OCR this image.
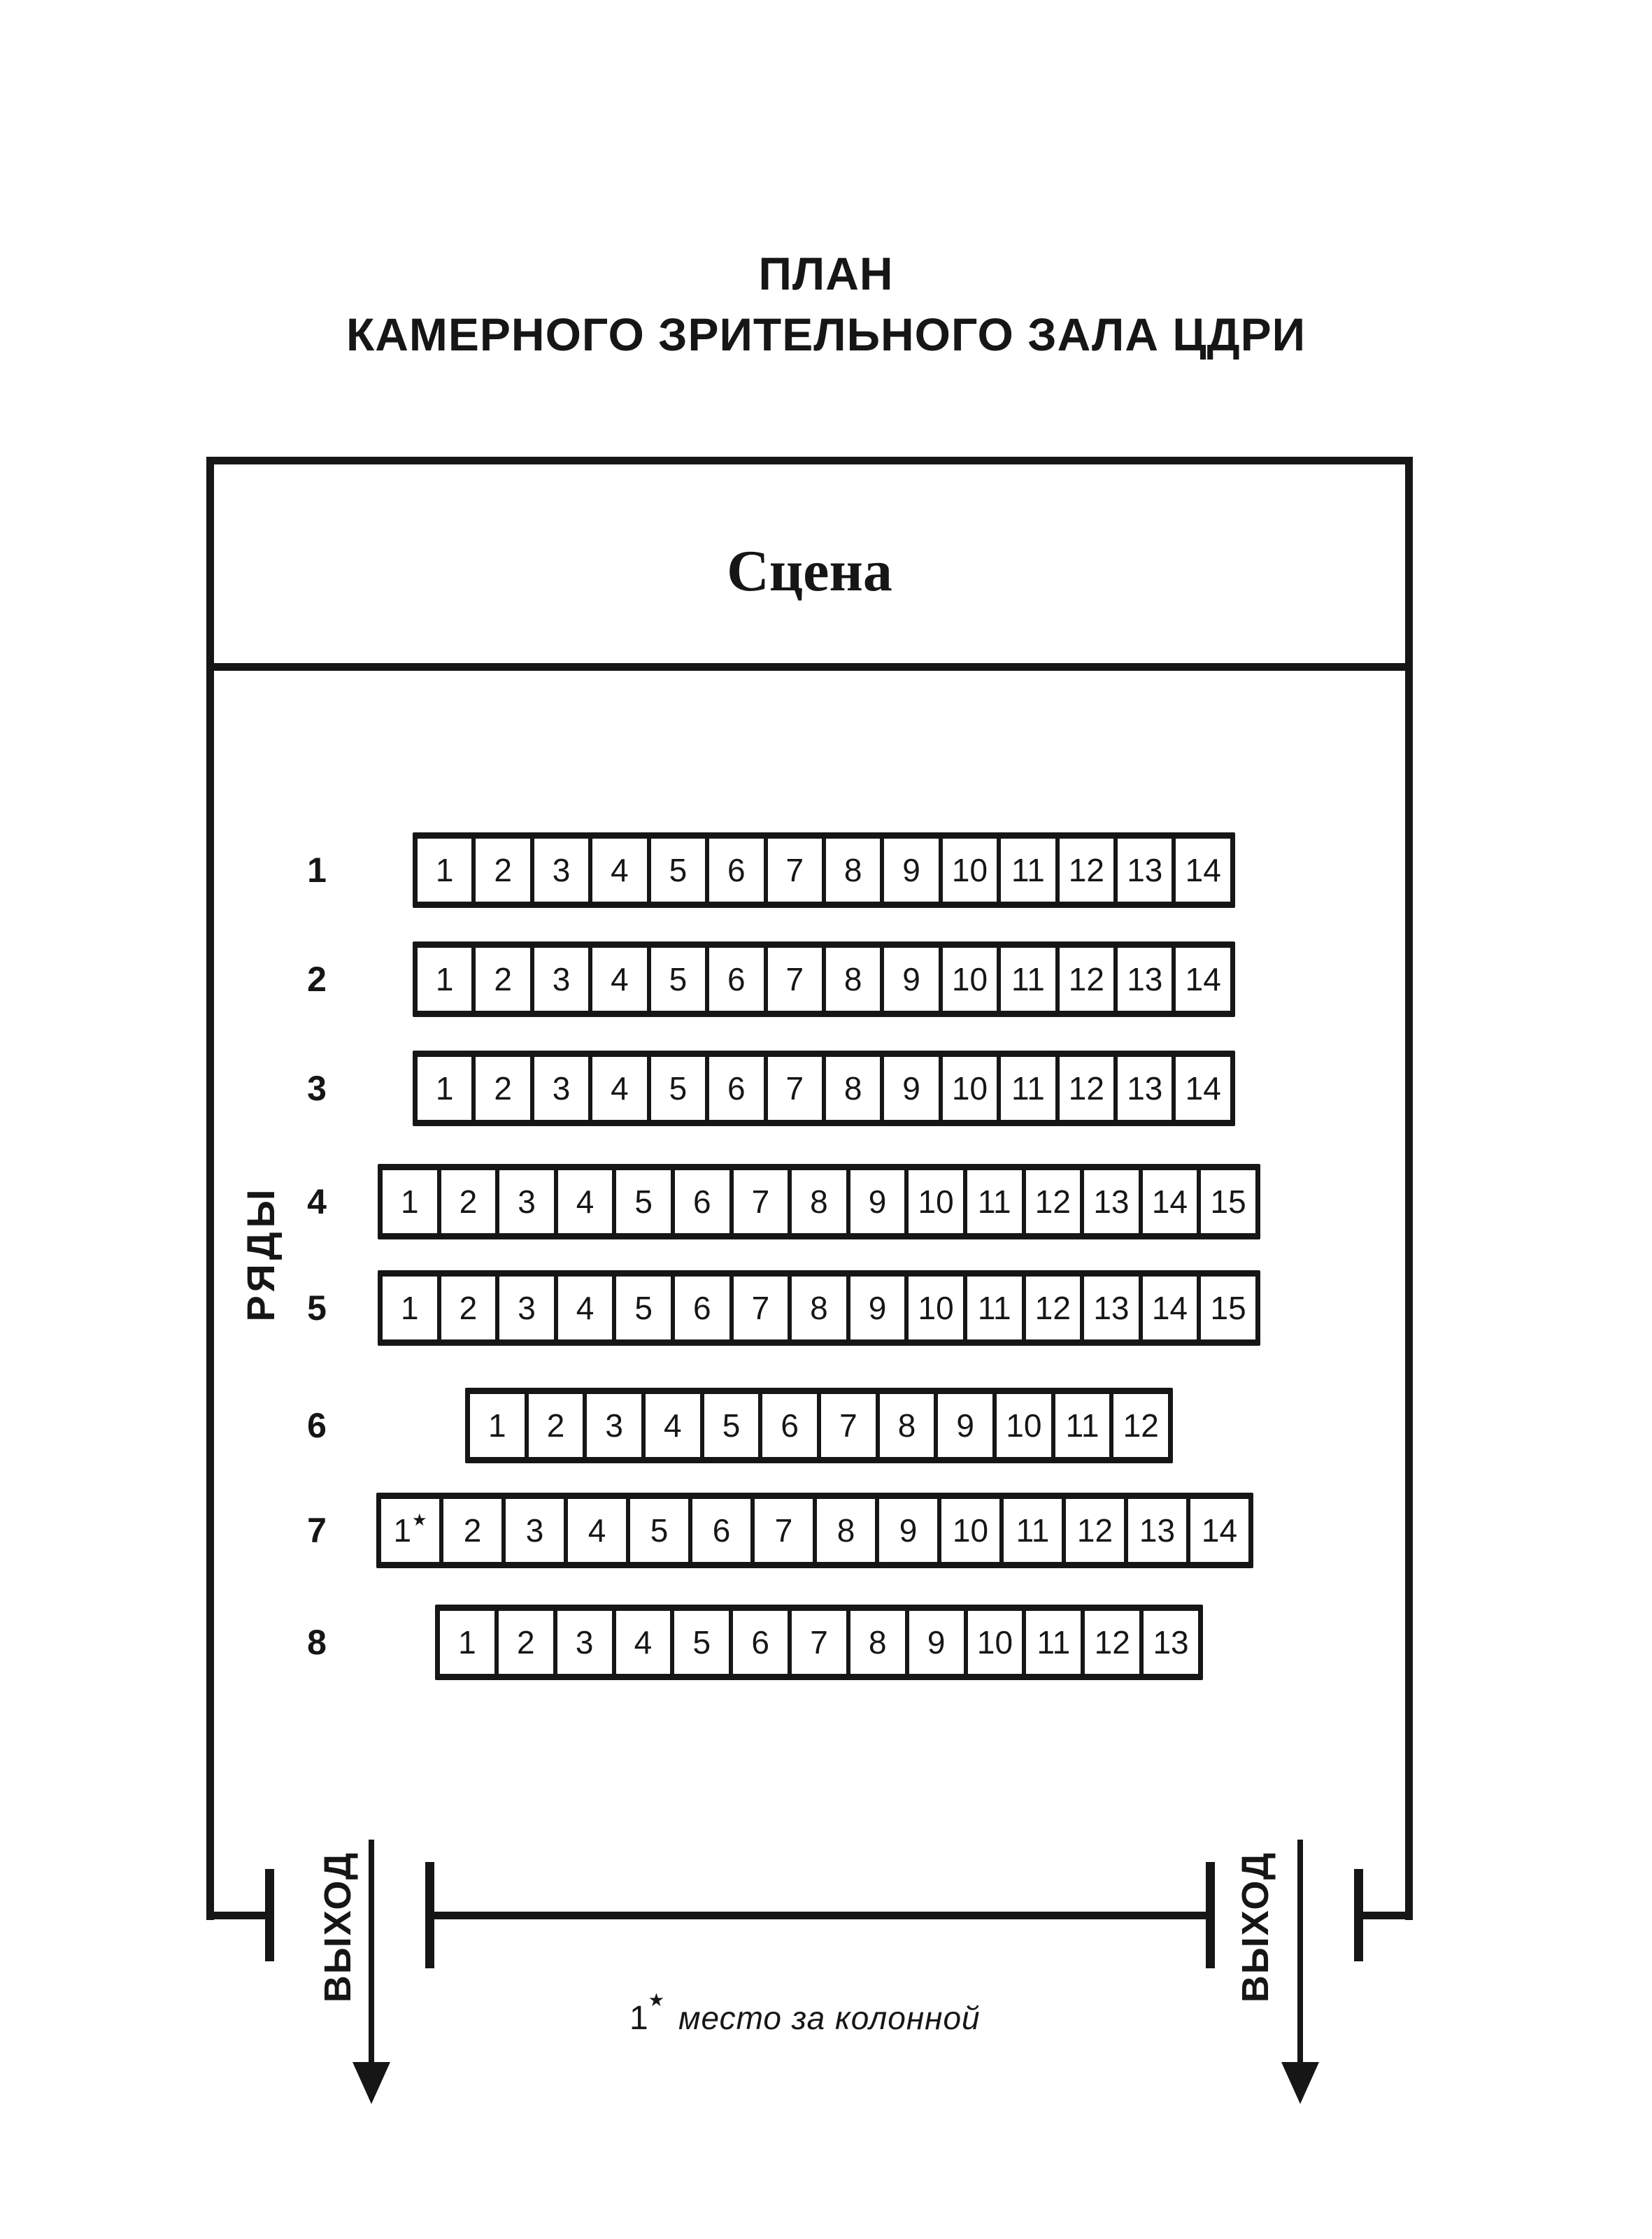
ПЛАН
КАМЕРНОГО ЗРИТЕЛЬНОГО ЗАЛА ЦДРИ
Сцена
РЯДЫ
1	1	2	3	4	5	6	7	8	9 10 11 12 13 14
2	1	2	3	4	5	6	7	8	9 10 11 12 13 14
3	1	2	3	4	5	6	7	8	9 10 11 12 13 14
4	1	2	3	4	5	6	7	8	9 10 11 12 13 14 15
5	1	2	3	4	5	6	7	8	9 10 11 12 13 14 15
6	1	2	3	4	5	6	7	8	9 10 11 12
7	1★	2	3	4	5	6	7	8	9	10 11 12 13 14
8	1	2	3	4	5	6	7	8	9 10 11 12 13
ВЫХОД	ВЫХОД
1★ место за колонной
